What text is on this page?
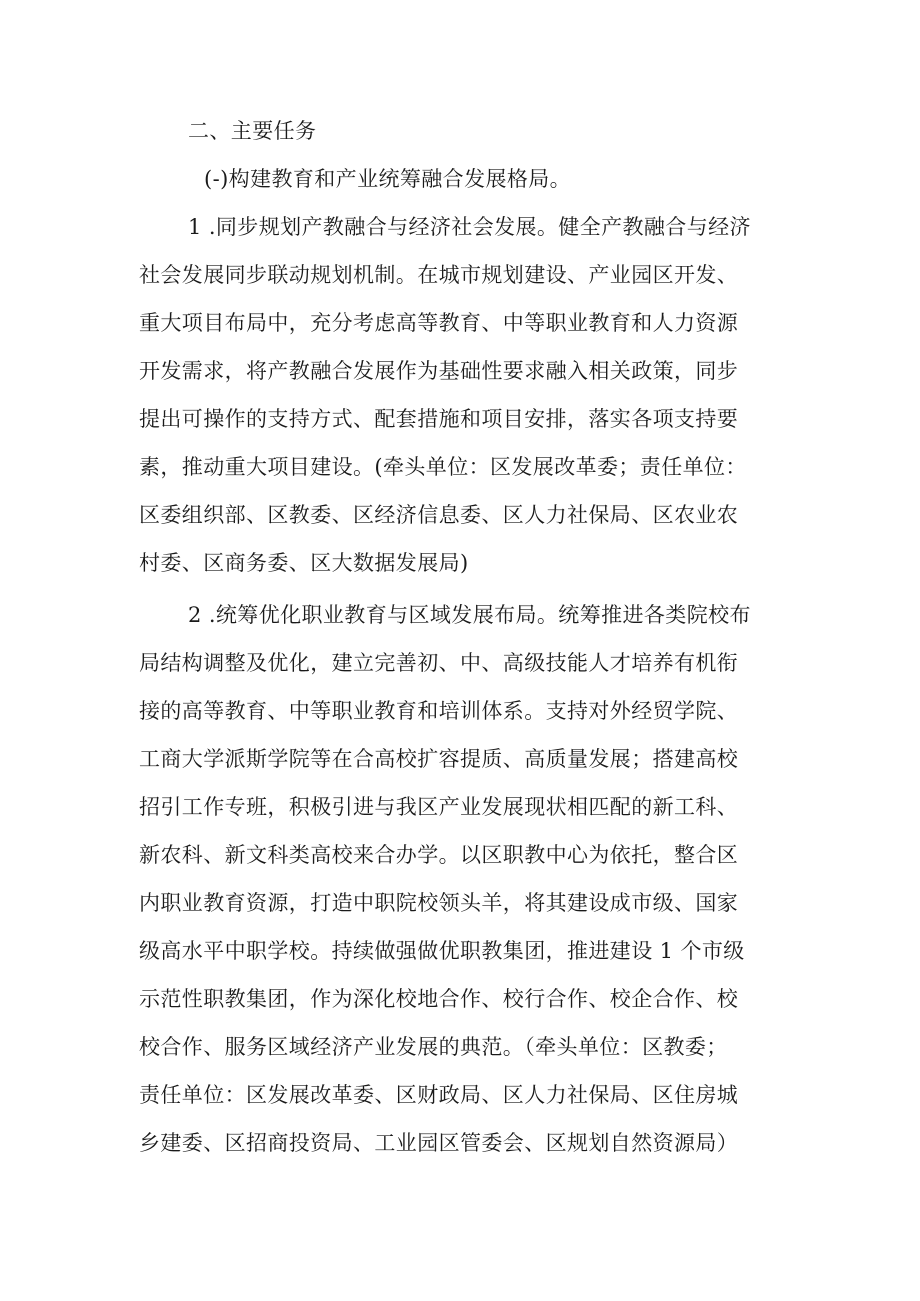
二、主要任务

(-)构建教育和产业统筹融合发展格局。

1 .同步规划产教融合与经济社会发展。健全产教融合与经济

社会发展同步联动规划机制。在城市规划建设、产业园区开发、

重大项目布局中，充分考虑高等教育、中等职业教育和人力资源

开发需求，将产教融合发展作为基础性要求融入相关政策，同步

提出可操作的支持方式、配套措施和项目安排，落实各项支持要

素，推动重大项目建设。(牵头单位：区发展改革委；责任单位：

区委组织部、区教委、区经济信息委、区人力社保局、区农业农

村委、区商务委、区大数据发展局)

2 .统筹优化职业教育与区域发展布局。统筹推进各类院校布

局结构调整及优化，建立完善初、中、高级技能人才培养有机衔

接的高等教育、中等职业教育和培训体系。支持对外经贸学院、

工商大学派斯学院等在合高校扩容提质、高质量发展；搭建高校

招引工作专班，积极引进与我区产业发展现状相匹配的新工科、

新农科、新文科类高校来合办学。以区职教中心为依托，整合区

内职业教育资源，打造中职院校领头羊，将其建设成市级、国家

级高水平中职学校。持续做强做优职教集团，推进建设 1 个市级

示范性职教集团，作为深化校地合作、校行合作、校企合作、校

校合作、服务区域经济产业发展的典范。（牵头单位：区教委；

责任单位：区发展改革委、区财政局、区人力社保局、区住房城

乡建委、区招商投资局、工业园区管委会、区规划自然资源局）
